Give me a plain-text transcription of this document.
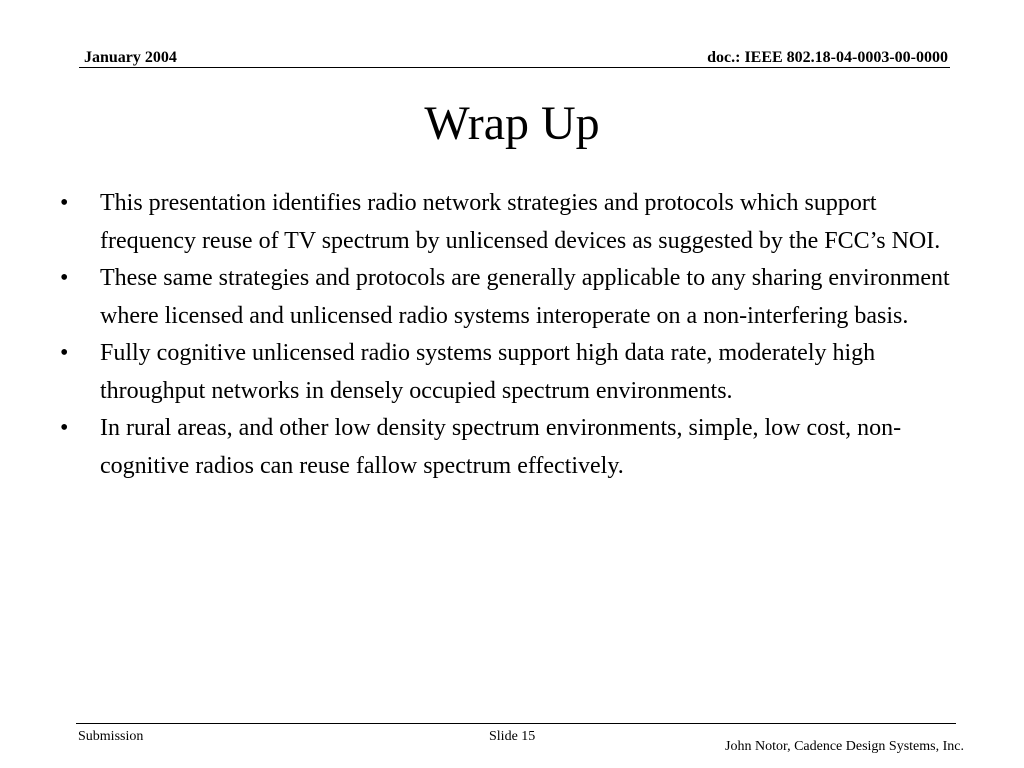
January 2004	doc.: IEEE 802.18-04-0003-00-0000
Wrap Up
•	This presentation identifies radio network strategies and protocols which support frequency reuse of TV spectrum by unlicensed devices as suggested by the FCC’s NOI.
•	These same strategies and protocols are generally applicable to any sharing environment where licensed and unlicensed radio systems interoperate on a non-interfering basis.
•	Fully cognitive unlicensed radio systems support high data rate, moderately high throughput networks in densely occupied spectrum environments.
•	In rural areas, and other low density spectrum environments, simple, low cost, non-cognitive radios can reuse fallow spectrum effectively.
Submission	Slide 15
John Notor, Cadence Design Systems, Inc.
